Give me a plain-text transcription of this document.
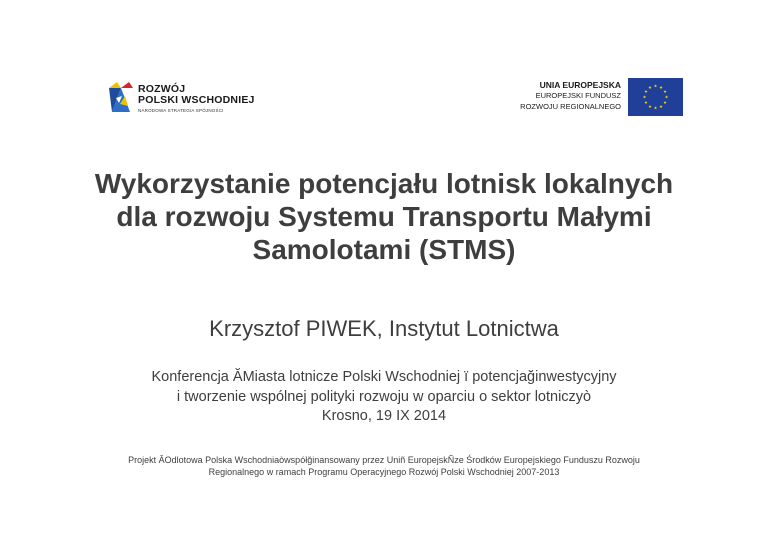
ROZWÓJ
POLSKI WSCHODNIEJ
NARODOWA STRATEGIA SPÓJNOŚCI
UNIA EUROPEJSKA
EUROPEJSKI FUNDUSZ
ROZWOJU REGIONALNEGO
Wykorzystanie potencjału lotnisk lokalnych
dla rozwoju Systemu Transportu Małymi
Samolotami (STMS)
Krzysztof PIWEK, Instytut Lotnictwa
Konferencja ĂMiasta lotnicze Polski Wschodniej ï potencjağinwestycyjny
i tworzenie wspólnej polityki rozwoju w oparciu o sektor lotniczyò
Krosno, 19 IX 2014
Projekt ĂOdlotowa Polska Wschodniaòwspółğinansowany przez Uniñ EuropejskÑze Środków Europejskiego Funduszu Rozwoju
Regionalnego w ramach Programu Operacyjnego Rozwój Polski Wschodniej 2007-2013
